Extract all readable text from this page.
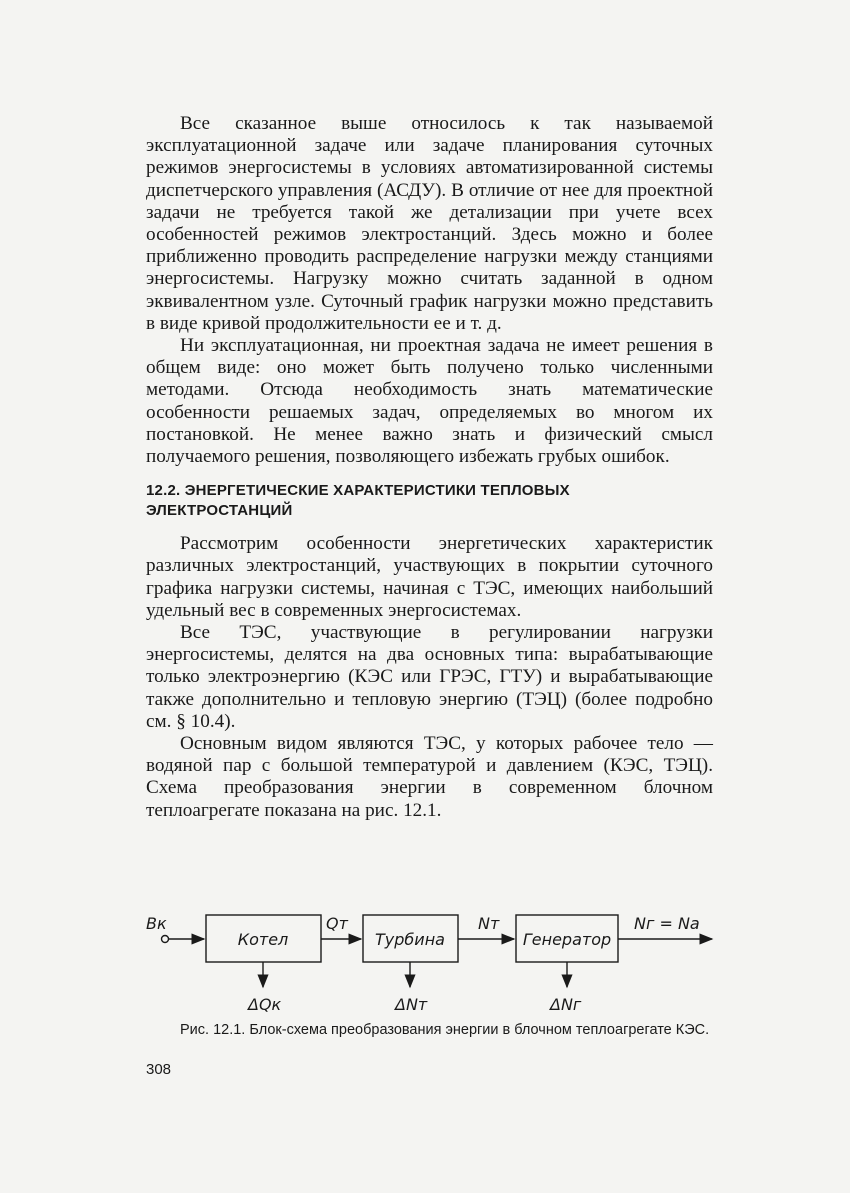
Все сказанное выше относилось к так называемой эксплуатационной задаче или задаче планирования суточных режимов энергосистемы в условиях автоматизированной системы диспетчерского управления (АСДУ). В отличие от нее для проектной задачи не требуется такой же детализации при учете всех особенностей режимов электростанций. Здесь можно и более приближенно проводить распределение нагрузки между станциями энергосистемы. Нагрузку можно считать заданной в одном эквивалентном узле. Суточный график нагрузки можно представить в виде кривой продолжительности ее и т. д.

Ни эксплуатационная, ни проектная задача не имеет решения в общем виде: оно может быть получено только численными методами. Отсюда необходимость знать математические особенности решаемых задач, определяемых во многом их постановкой. Не менее важно знать и физический смысл получаемого решения, позволяющего избежать грубых ошибок.

12.2. ЭНЕРГЕТИЧЕСКИЕ ХАРАКТЕРИСТИКИ ТЕПЛОВЫХ ЭЛЕКТРОСТАНЦИЙ

Рассмотрим особенности энергетических характеристик различных электростанций, участвующих в покрытии суточного графика нагрузки системы, начиная с ТЭС, имеющих наибольший удельный вес в современных энергосистемах.

Все ТЭС, участвующие в регулировании нагрузки энергосистемы, делятся на два основных типа: вырабатывающие только электроэнергию (КЭС или ГРЭС, ГТУ) и вырабатывающие также дополнительно и тепловую энергию (ТЭЦ) (более подробно см. § 10.4).

Основным видом являются ТЭС, у которых рабочее тело — водяной пар с большой температурой и давлением (КЭС, ТЭЦ). Схема преобразования энергии в современном блочном теплоагрегате показана на рис. 12.1.

Bк
Котел
Qт
Турбина
Nт
Генератор
Nг = Na
ΔQк	ΔNт	ΔNг

Рис. 12.1. Блок-схема преобразования энергии в блочном теплоагрегате КЭС.

308
